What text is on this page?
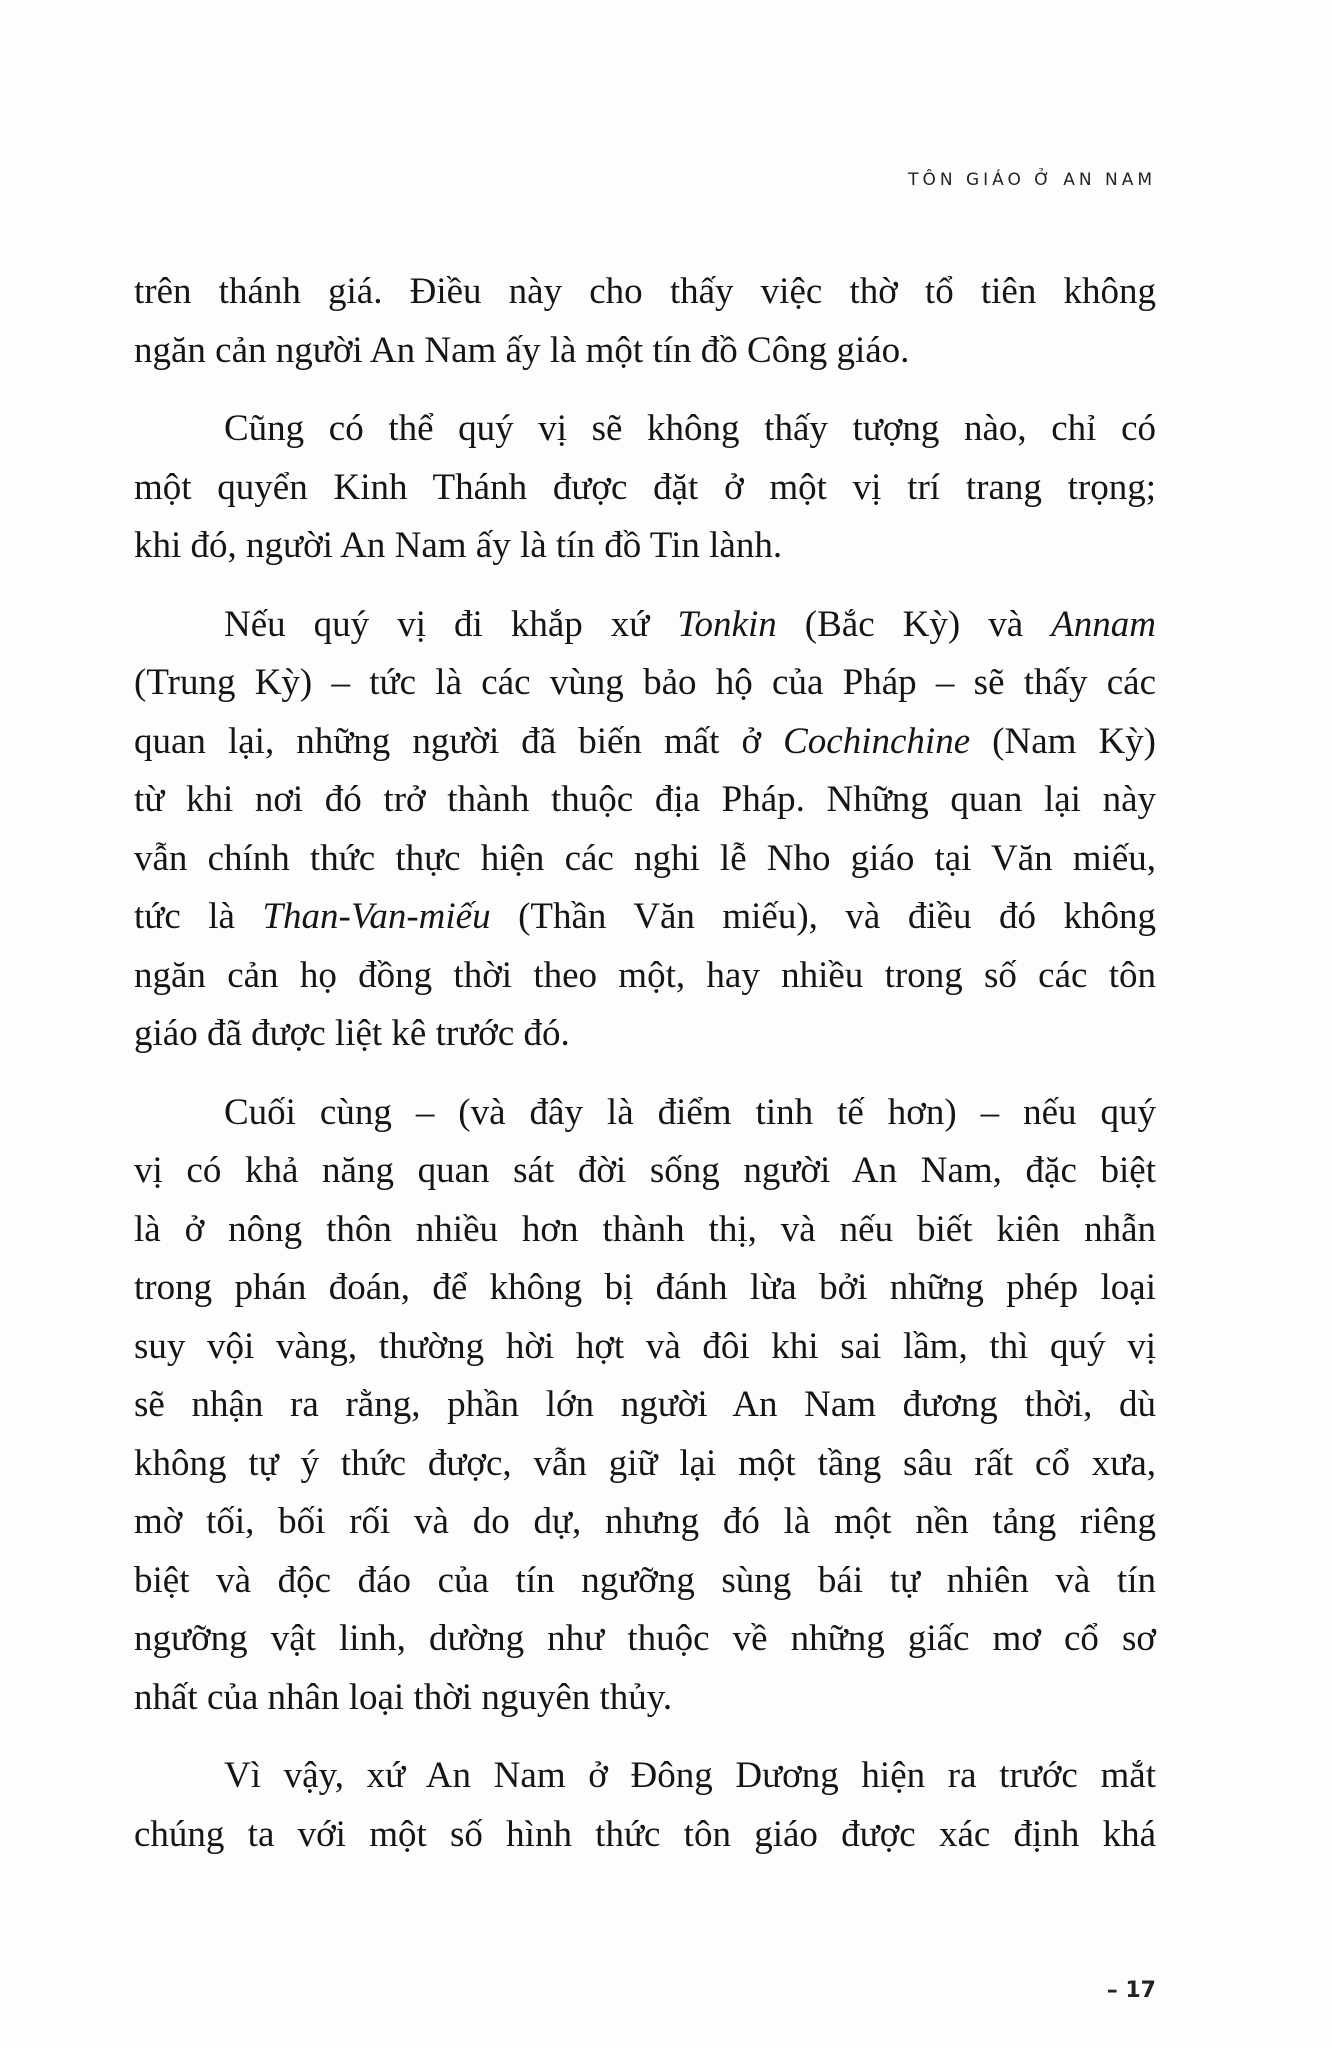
TÔN GIÁO Ở AN NAM
trên thánh giá. Điều này cho thấy việc thờ tổ tiên không
ngăn cản người An Nam ấy là một tín đồ Công giáo.
Cũng có thể quý vị sẽ không thấy tượng nào, chỉ có
một quyển Kinh Thánh được đặt ở một vị trí trang trọng;
khi đó, người An Nam ấy là tín đồ Tin lành.
Nếu quý vị đi khắp xứ Tonkin (Bắc Kỳ) và Annam
(Trung Kỳ) – tức là các vùng bảo hộ của Pháp – sẽ thấy các
quan lại, những người đã biến mất ở Cochinchine (Nam Kỳ)
từ khi nơi đó trở thành thuộc địa Pháp. Những quan lại này
vẫn chính thức thực hiện các nghi lễ Nho giáo tại Văn miếu,
tức là Than-Van-miếu (Thần Văn miếu), và điều đó không
ngăn cản họ đồng thời theo một, hay nhiều trong số các tôn
giáo đã được liệt kê trước đó.
Cuối cùng – (và đây là điểm tinh tế hơn) – nếu quý
vị có khả năng quan sát đời sống người An Nam, đặc biệt
là ở nông thôn nhiều hơn thành thị, và nếu biết kiên nhẫn
trong phán đoán, để không bị đánh lừa bởi những phép loại
suy vội vàng, thường hời hợt và đôi khi sai lầm, thì quý vị
sẽ nhận ra rằng, phần lớn người An Nam đương thời, dù
không tự ý thức được, vẫn giữ lại một tầng sâu rất cổ xưa,
mờ tối, bối rối và do dự, nhưng đó là một nền tảng riêng
biệt và độc đáo của tín ngưỡng sùng bái tự nhiên và tín
ngưỡng vật linh, dường như thuộc về những giấc mơ cổ sơ
nhất của nhân loại thời nguyên thủy.
Vì vậy, xứ An Nam ở Đông Dương hiện ra trước mắt
chúng ta với một số hình thức tôn giáo được xác định khá
– 17
